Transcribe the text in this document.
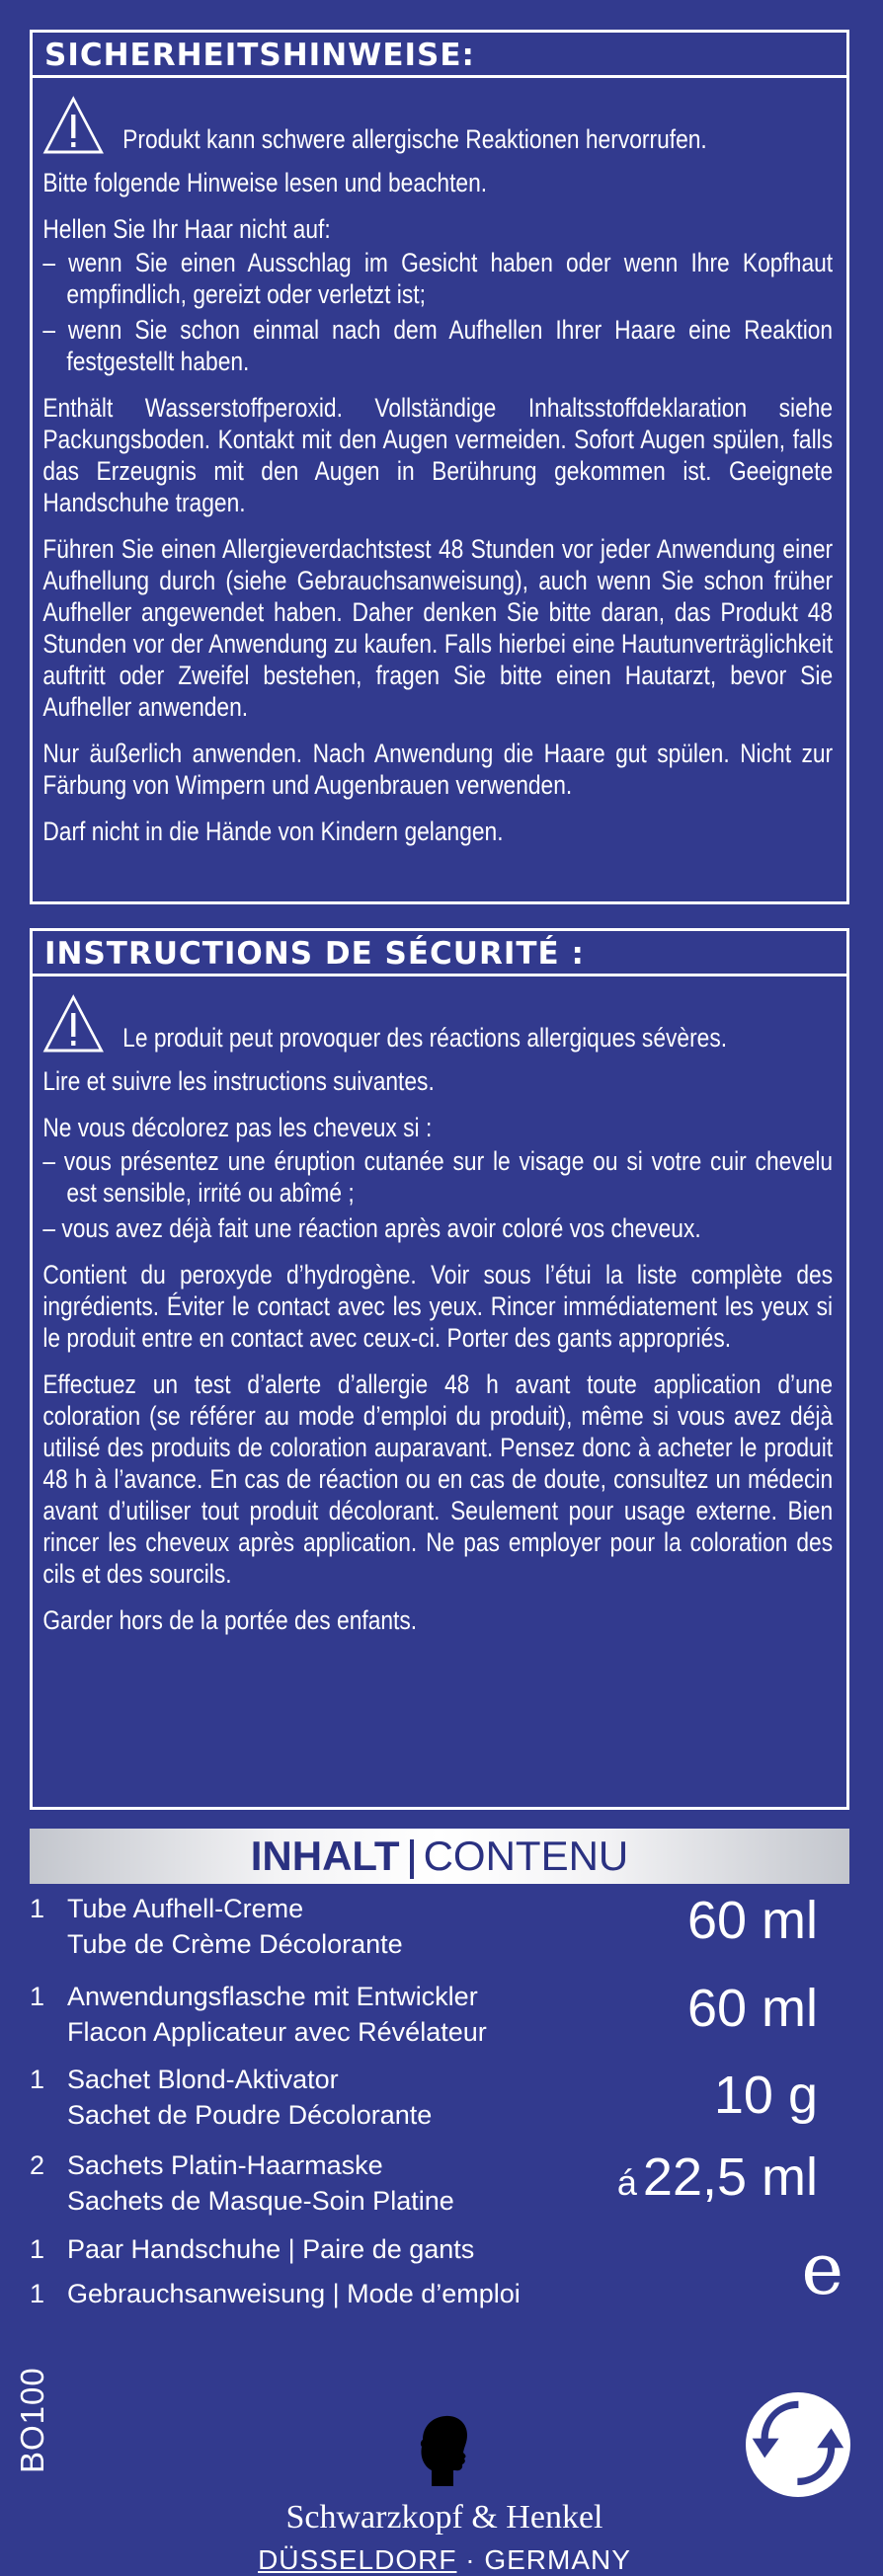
SICHERHEITSHINWEISE:
Produkt kann schwere allergische Reaktionen hervorrufen.

Bitte folgende Hinweise lesen und beachten.

Hellen Sie Ihr Haar nicht auf:

– wenn Sie einen Ausschlag im Gesicht haben oder wenn Ihre Kopfhaut empfindlich, gereizt oder verletzt ist;

– wenn Sie schon einmal nach dem Aufhellen Ihrer Haare eine Reaktion festgestellt haben.

Enthält Wasserstoffperoxid. Vollständige Inhaltsstoffdeklaration siehe Packungsboden. Kontakt mit den Augen vermeiden. Sofort Augen spülen, falls das Erzeugnis mit den Augen in Berührung gekommen ist. Geeignete Handschuhe tragen.

Führen Sie einen Allergieverdachtstest 48 Stunden vor jeder Anwendung einer Aufhellung durch (siehe Gebrauchsanweisung), auch wenn Sie schon früher Aufheller angewendet haben. Daher denken Sie bitte daran, das Produkt 48 Stunden vor der Anwendung zu kaufen. Falls hierbei eine Hautunverträglichkeit auftritt oder Zweifel bestehen, fragen Sie bitte einen Hautarzt, bevor Sie Aufheller anwenden.

Nur äußerlich anwenden. Nach Anwendung die Haare gut spülen. Nicht zur Färbung von Wimpern und Augenbrauen verwenden.

Darf nicht in die Hände von Kindern gelangen.

INSTRUCTIONS DE SÉCURITÉ :
Le produit peut provoquer des réactions allergiques sévères.

Lire et suivre les instructions suivantes.

Ne vous décolorez pas les cheveux si :

– vous présentez une éruption cutanée sur le visage ou si votre cuir chevelu est sensible, irrité ou abîmé ;

– vous avez déjà fait une réaction après avoir coloré vos cheveux.

Contient du peroxyde d’hydrogène. Voir sous l’étui la liste complète des ingrédients. Éviter le contact avec les yeux. Rincer immédiatement les yeux si le produit entre en contact avec ceux-ci. Porter des gants appropriés.

Effectuez un test d’alerte d’allergie 48 h avant toute application d’une coloration (se référer au mode d’emploi du produit), même si vous avez déjà utilisé des produits de coloration auparavant. Pensez donc à acheter le produit 48 h à l’avance. En cas de réaction ou en cas de doute, consultez un médecin avant d’utiliser tout produit décolorant. Seulement pour usage externe. Bien rincer les cheveux après application. Ne pas employer pour la coloration des cils et des sourcils.

Garder hors de la portée des enfants.

INHALT CONTENU
1 Tube Aufhell-Creme
Tube de Crème Décolorante	60 ml
1 Anwendungsflasche mit Entwickler
Flacon Applicateur avec Révélateur	60 ml
1 Sachet Blond-Aktivator
Sachet de Poudre Décolorante	10 g
2 Sachets Platin-Haarmaske
Sachets de Masque-Soin Platine	á 22,5 ml
1 Paar Handschuhe | Paire de gants
1 Gebrauchsanweisung | Mode d’emploi	e
BO100
Schwarzkopf & Henkel
DÜSSELDORF · GERMANY
